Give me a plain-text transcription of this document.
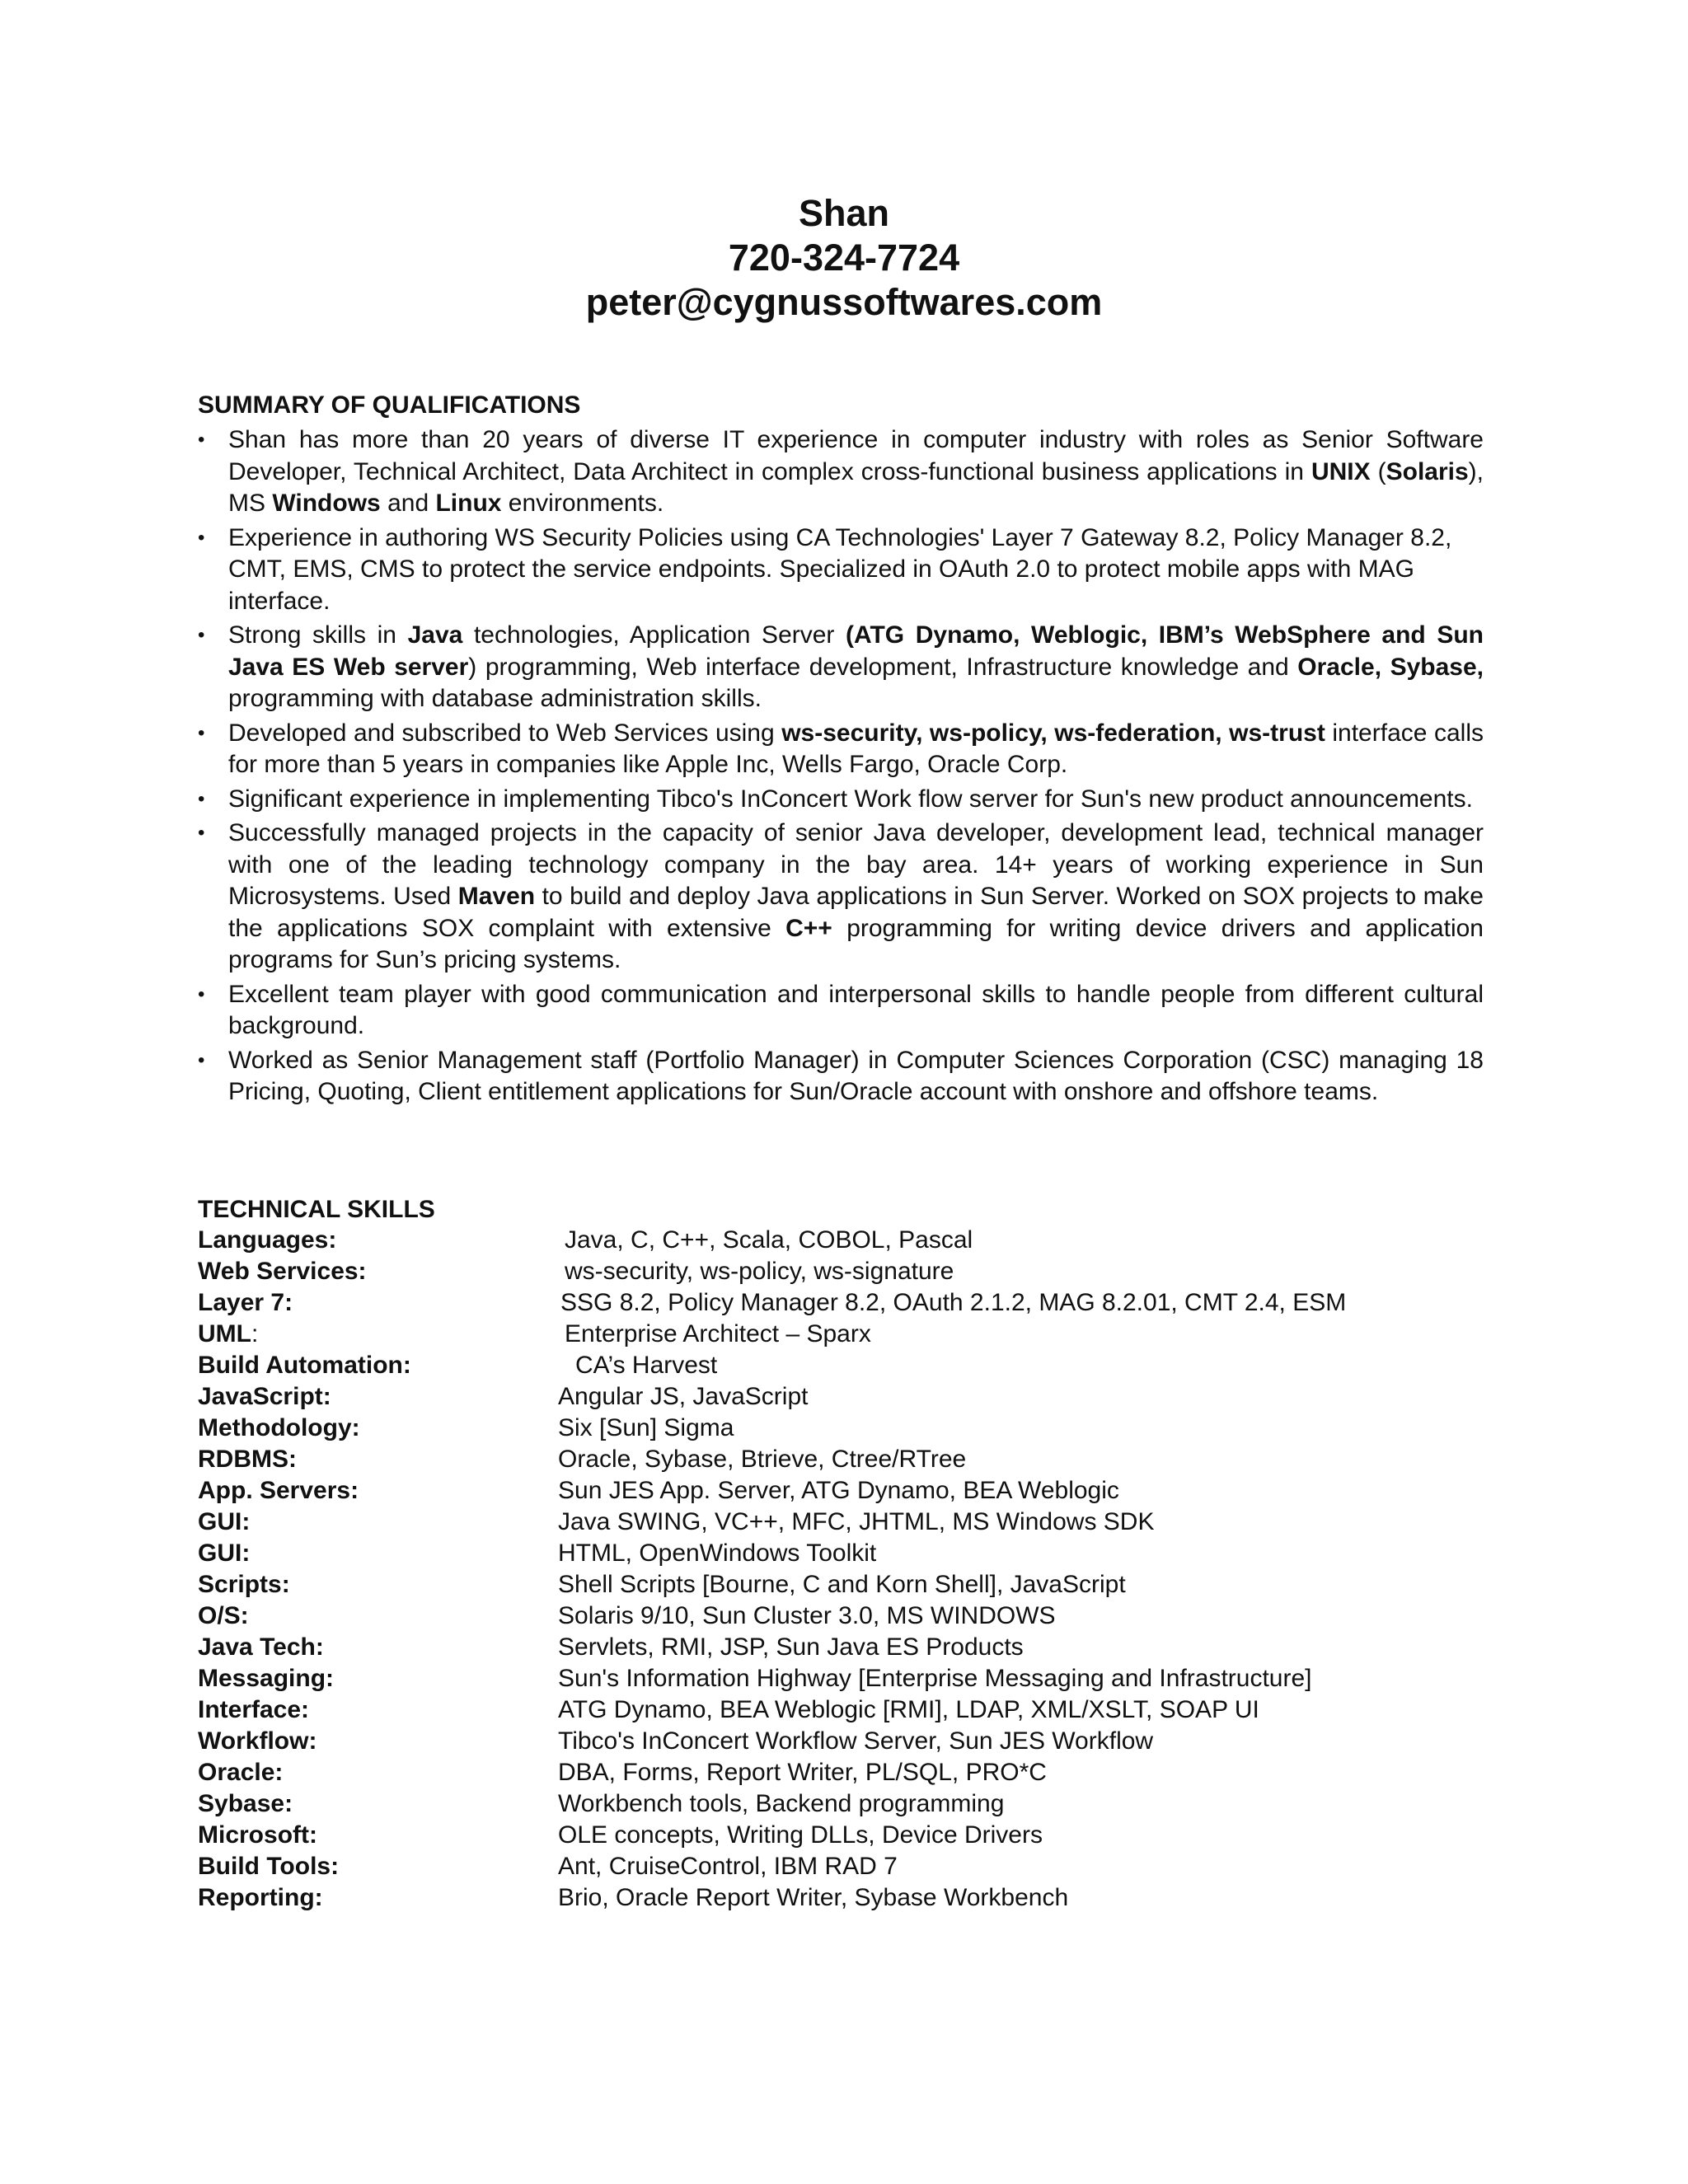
Shan
720-324-7724
peter@cygnussoftwares.com
SUMMARY OF QUALIFICATIONS
• Shan has more than 20 years of diverse IT experience in computer industry with roles as Senior Software Developer, Technical Architect, Data Architect in complex cross-functional business applications in UNIX (Solaris), MS Windows and Linux environments.
• Experience in authoring WS Security Policies using CA Technologies' Layer 7 Gateway 8.2, Policy Manager 8.2, CMT, EMS, CMS to protect the service endpoints. Specialized in OAuth 2.0 to protect mobile apps with MAG interface.
• Strong skills in Java technologies, Application Server (ATG Dynamo, Weblogic, IBM’s WebSphere and Sun Java ES Web server) programming, Web interface development, Infrastructure knowledge and Oracle, Sybase, programming with database administration skills.
• Developed and subscribed to Web Services using ws-security, ws-policy, ws-federation, ws-trust interface calls for more than 5 years in companies like Apple Inc, Wells Fargo, Oracle Corp.
• Significant experience in implementing Tibco's InConcert Work flow server for Sun's new product announcements.
• Successfully managed projects in the capacity of senior Java developer, development lead, technical manager with one of the leading technology company in the bay area. 14+ years of working experience in Sun Microsystems. Used Maven to build and deploy Java applications in Sun Server. Worked on SOX projects to make the applications SOX complaint with extensive C++ programming for writing device drivers and application programs for Sun’s pricing systems.
• Excellent team player with good communication and interpersonal skills to handle people from different cultural background.
• Worked as Senior Management staff (Portfolio Manager) in Computer Sciences Corporation (CSC) managing 18 Pricing, Quoting, Client entitlement applications for Sun/Oracle account with onshore and offshore teams.
TECHNICAL SKILLS
Languages:	Java, C, C++, Scala, COBOL, Pascal
Web Services:	ws-security, ws-policy, ws-signature
Layer 7:	SSG 8.2, Policy Manager 8.2, OAuth 2.1.2, MAG 8.2.01, CMT 2.4, ESM
UML:	Enterprise Architect – Sparx
Build Automation:	CA’s Harvest
JavaScript:	Angular JS, JavaScript
Methodology:	Six [Sun] Sigma
RDBMS:	Oracle, Sybase, Btrieve, Ctree/RTree
App. Servers:	Sun JES App. Server, ATG Dynamo, BEA Weblogic
GUI:	Java SWING, VC++, MFC, JHTML, MS Windows SDK
GUI:	HTML, OpenWindows Toolkit
Scripts:	Shell Scripts [Bourne, C and Korn Shell], JavaScript
O/S:	Solaris 9/10, Sun Cluster 3.0, MS WINDOWS
Java Tech:	Servlets, RMI, JSP, Sun Java ES Products
Messaging:	Sun's Information Highway [Enterprise Messaging and Infrastructure]
Interface:	ATG Dynamo, BEA Weblogic [RMI], LDAP, XML/XSLT, SOAP UI
Workflow:	Tibco's InConcert Workflow Server, Sun JES Workflow
Oracle:	DBA, Forms, Report Writer, PL/SQL, PRO*C
Sybase:	Workbench tools, Backend programming
Microsoft:	OLE concepts, Writing DLLs, Device Drivers
Build Tools:	Ant, CruiseControl, IBM RAD 7
Reporting:	Brio, Oracle Report Writer, Sybase Workbench
